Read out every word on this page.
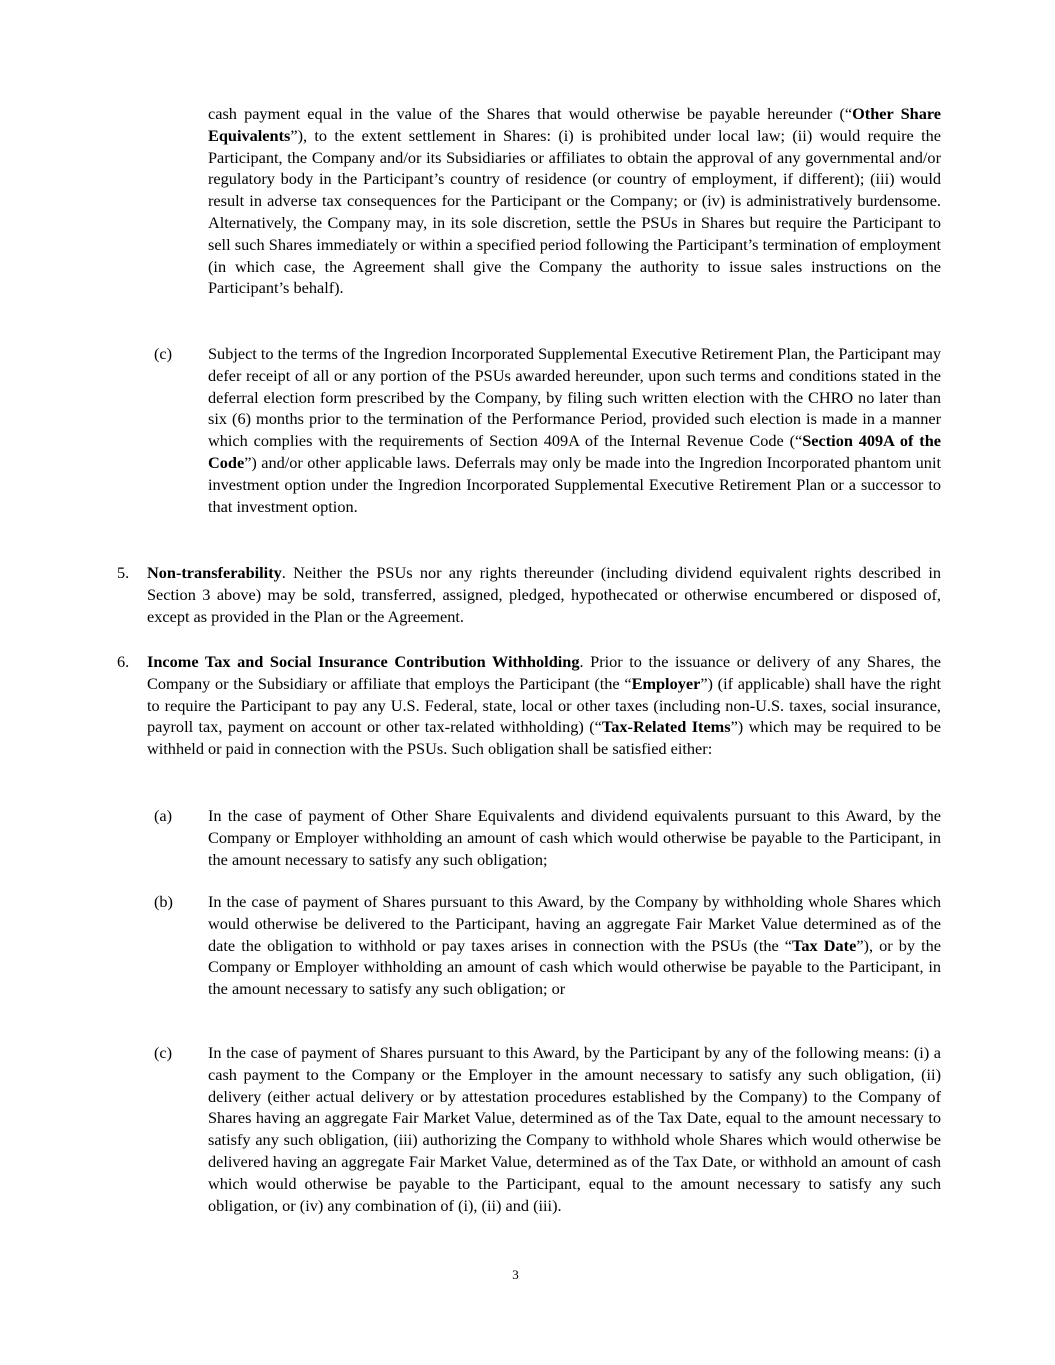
cash payment equal in the value of the Shares that would otherwise be payable hereunder (“Other Share Equivalents”), to the extent settlement in Shares: (i) is prohibited under local law; (ii) would require the Participant, the Company and/or its Subsidiaries or affiliates to obtain the approval of any governmental and/or regulatory body in the Participant’s country of residence (or country of employment, if different); (iii) would result in adverse tax consequences for the Participant or the Company; or (iv) is administratively burdensome. Alternatively, the Company may, in its sole discretion, settle the PSUs in Shares but require the Participant to sell such Shares immediately or within a specified period following the Participant’s termination of employment (in which case, the Agreement shall give the Company the authority to issue sales instructions on the Participant’s behalf).

(c) Subject to the terms of the Ingredion Incorporated Supplemental Executive Retirement Plan, the Participant may defer receipt of all or any portion of the PSUs awarded hereunder, upon such terms and conditions stated in the deferral election form prescribed by the Company, by filing such written election with the CHRO no later than six (6) months prior to the termination of the Performance Period, provided such election is made in a manner which complies with the requirements of Section 409A of the Internal Revenue Code (“Section 409A of the Code”) and/or other applicable laws. Deferrals may only be made into the Ingredion Incorporated phantom unit investment option under the Ingredion Incorporated Supplemental Executive Retirement Plan or a successor to that investment option.

5. Non-transferability. Neither the PSUs nor any rights thereunder (including dividend equivalent rights described in Section 3 above) may be sold, transferred, assigned, pledged, hypothecated or otherwise encumbered or disposed of, except as provided in the Plan or the Agreement.

6. Income Tax and Social Insurance Contribution Withholding. Prior to the issuance or delivery of any Shares, the Company or the Subsidiary or affiliate that employs the Participant (the “Employer”) (if applicable) shall have the right to require the Participant to pay any U.S. Federal, state, local or other taxes (including non-U.S. taxes, social insurance, payroll tax, payment on account or other tax-related withholding) (“Tax-Related Items”) which may be required to be withheld or paid in connection with the PSUs. Such obligation shall be satisfied either:

(a) In the case of payment of Other Share Equivalents and dividend equivalents pursuant to this Award, by the Company or Employer withholding an amount of cash which would otherwise be payable to the Participant, in the amount necessary to satisfy any such obligation;

(b) In the case of payment of Shares pursuant to this Award, by the Company by withholding whole Shares which would otherwise be delivered to the Participant, having an aggregate Fair Market Value determined as of the date the obligation to withhold or pay taxes arises in connection with the PSUs (the “Tax Date”), or by the Company or Employer withholding an amount of cash which would otherwise be payable to the Participant, in the amount necessary to satisfy any such obligation; or

(c) In the case of payment of Shares pursuant to this Award, by the Participant by any of the following means: (i) a cash payment to the Company or the Employer in the amount necessary to satisfy any such obligation, (ii) delivery (either actual delivery or by attestation procedures established by the Company) to the Company of Shares having an aggregate Fair Market Value, determined as of the Tax Date, equal to the amount necessary to satisfy any such obligation, (iii) authorizing the Company to withhold whole Shares which would otherwise be delivered having an aggregate Fair Market Value, determined as of the Tax Date, or withhold an amount of cash which would otherwise be payable to the Participant, equal to the amount necessary to satisfy any such obligation, or (iv) any combination of (i), (ii) and (iii).

3
